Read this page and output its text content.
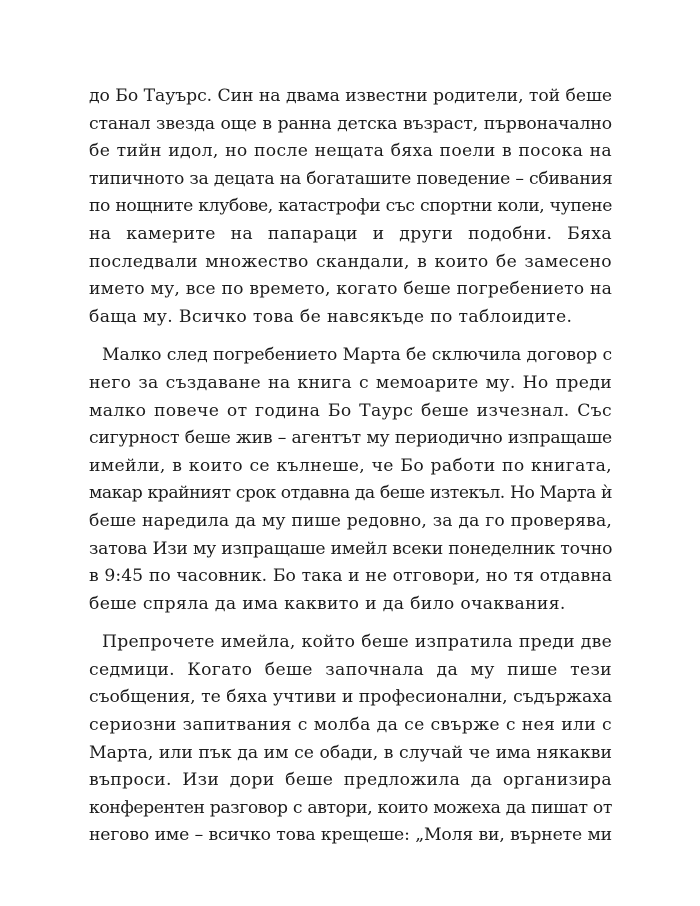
до Бо Тауърс. Син на двама известни родители, той беше
станал звезда още в ранна детска възраст, първоначално
бе тийн идол, но после нещата бяха поели в посока на
типичното за децата на богаташите поведение – сбивания
по нощните клубове, катастрофи със спортни коли, чупене
на камерите на папараци и други подобни. Бяха
последвали множество скандали, в които бе замесено
името му, все по времето, когато беше погребението на
баща му. Всичко това бе навсякъде по таблоидите.
Малко след погребението Марта бе сключила договор с
него за създаване на книга с мемоарите му. Но преди
малко повече от година Бо Таурс беше изчезнал. Със
сигурност беше жив – агентът му периодично изпращаше
имейли, в които се кълнеше, че Бо работи по книгата,
макар крайният срок отдавна да беше изтекъл. Но Марта ѝ
беше наредила да му пише редовно, за да го проверява,
затова Изи му изпращаше имейл всеки понеделник точно
в 9:45 по часовник. Бо така и не отговори, но тя отдавна
беше спряла да има каквито и да било очаквания.
Препрочете имейла, който беше изпратила преди две
седмици. Когато беше започнала да му пише тези
съобщения, те бяха учтиви и професионални, съдържаха
сериозни запитвания с молба да се свърже с нея или с
Марта, или пък да им се обади, в случай че има някакви
въпроси. Изи дори беше предложила да организира
конферентен разговор с автори, които можеха да пишат от
негово име – всичко това крещеше: „Моля ви, върнете ми
